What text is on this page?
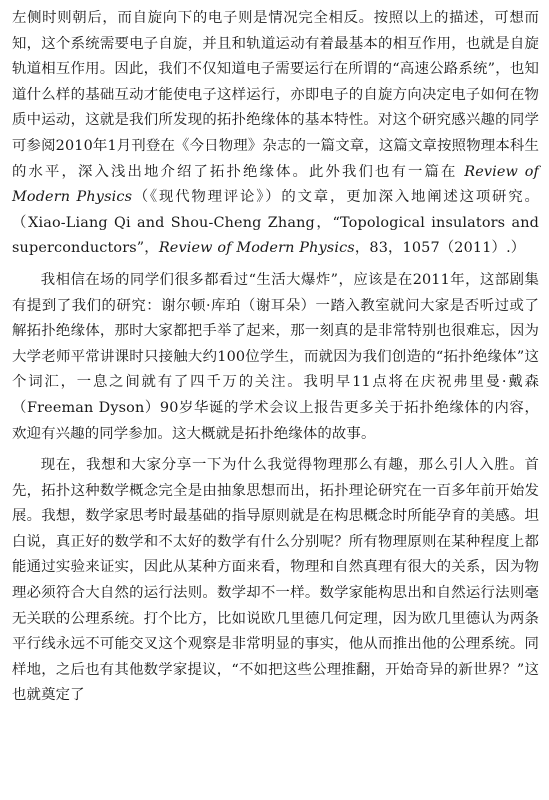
左侧时则朝后，而自旋向下的电子则是情况完全相反。按照以上的描述，可想而知，这个系统需要电子自旋，并且和轨道运动有着最基本的相互作用，也就是自旋轨道相互作用。因此，我们不仅知道电子需要运行在所谓的“高速公路系统”，也知道什么样的基础互动才能使电子这样运行，亦即电子的自旋方向决定电子如何在物质中运动，这就是我们所发现的拓扑绝缘体的基本特性。对这个研究感兴趣的同学可参阅2010年1月刊登在《今日物理》杂志的一篇文章，这篇文章按照物理本科生的水平，深入浅出地介绍了拓扑绝缘体。此外我们也有一篇在 Review of Modern Physics（《现代物理评论》）的文章，更加深入地阐述这项研究。（Xiao-Liang Qi and Shou-Cheng Zhang，“Topological insulators and superconductors”，Review of Modern Physics，83，1057（2011）.）

我相信在场的同学们很多都看过“生活大爆炸”，应该是在2011年，这部剧集有提到了我们的研究：谢尔顿·库珀（谢耳朵）一踏入教室就问大家是否听过或了解拓扑绝缘体，那时大家都把手举了起来，那一刻真的是非常特别也很难忘，因为大学老师平常讲课时只接触大约100位学生，而就因为我们创造的“拓扑绝缘体”这个词汇，一息之间就有了四千万的关注。我明早11点将在庆祝弗里曼·戴森（Freeman Dyson）90岁华诞的学术会议上报告更多关于拓扑绝缘体的内容，欢迎有兴趣的同学参加。这大概就是拓扑绝缘体的故事。

现在，我想和大家分享一下为什么我觉得物理那么有趣，那么引人入胜。首先，拓扑这种数学概念完全是由抽象思想而出，拓扑理论研究在一百多年前开始发展。我想，数学家思考时最基础的指导原则就是在构思概念时所能孕育的美感。坦白说，真正好的数学和不太好的数学有什么分别呢？所有物理原则在某种程度上都能通过实验来证实，因此从某种方面来看，物理和自然真理有很大的关系，因为物理必须符合大自然的运行法则。数学却不一样。数学家能构思出和自然运行法则毫无关联的公理系统。打个比方，比如说欧几里德几何定理，因为欧几里德认为两条平行线永远不可能交叉这个观察是非常明显的事实，他从而推出他的公理系统。同样地，之后也有其他数学家提议，“不如把这些公理推翻，开始奇异的新世界？”这也就奠定了
